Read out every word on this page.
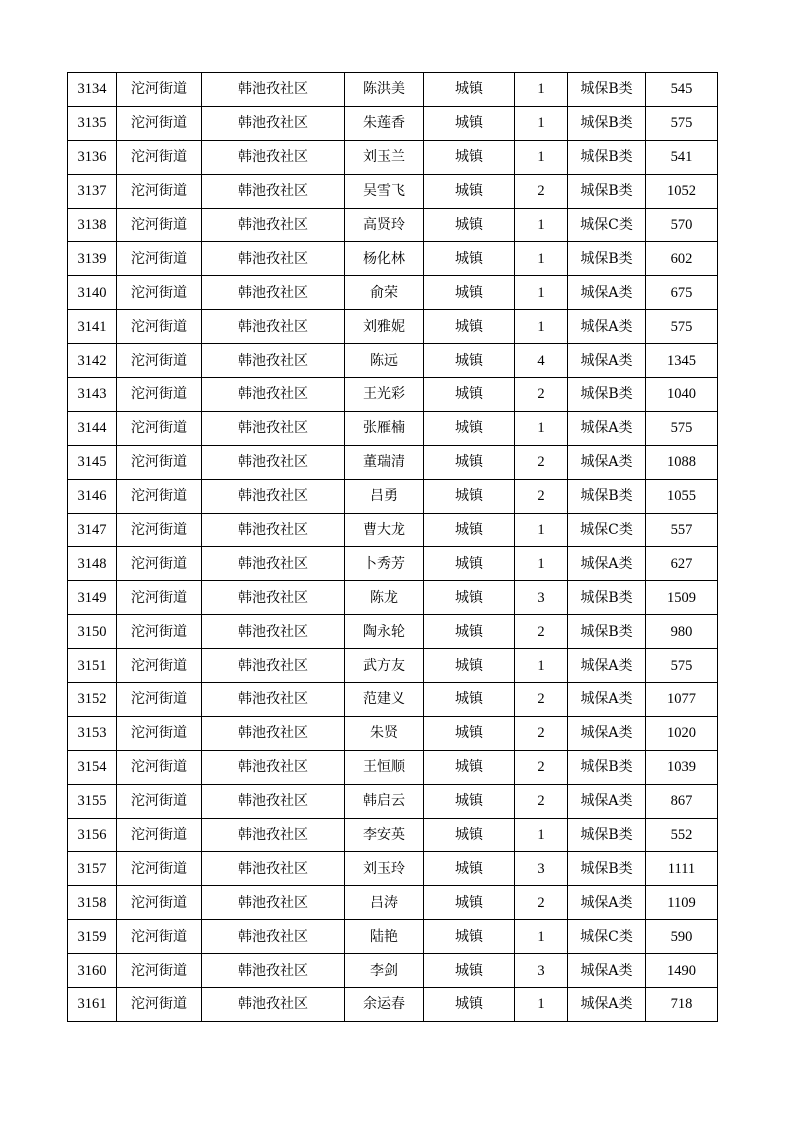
3134	沱河街道	韩池孜社区	陈洪美	城镇	1	城保B类	545
3135	沱河街道	韩池孜社区	朱莲香	城镇	1	城保B类	575
3136	沱河街道	韩池孜社区	刘玉兰	城镇	1	城保B类	541
3137	沱河街道	韩池孜社区	吴雪飞	城镇	2	城保B类	1052
3138	沱河街道	韩池孜社区	高贤玲	城镇	1	城保C类	570
3139	沱河街道	韩池孜社区	杨化林	城镇	1	城保B类	602
3140	沱河街道	韩池孜社区	俞荣	城镇	1	城保A类	675
3141	沱河街道	韩池孜社区	刘雅妮	城镇	1	城保A类	575
3142	沱河街道	韩池孜社区	陈远	城镇	4	城保A类	1345
3143	沱河街道	韩池孜社区	王光彩	城镇	2	城保B类	1040
3144	沱河街道	韩池孜社区	张雁楠	城镇	1	城保A类	575
3145	沱河街道	韩池孜社区	董瑞清	城镇	2	城保A类	1088
3146	沱河街道	韩池孜社区	吕勇	城镇	2	城保B类	1055
3147	沱河街道	韩池孜社区	曹大龙	城镇	1	城保C类	557
3148	沱河街道	韩池孜社区	卜秀芳	城镇	1	城保A类	627
3149	沱河街道	韩池孜社区	陈龙	城镇	3	城保B类	1509
3150	沱河街道	韩池孜社区	陶永轮	城镇	2	城保B类	980
3151	沱河街道	韩池孜社区	武方友	城镇	1	城保A类	575
3152	沱河街道	韩池孜社区	范建义	城镇	2	城保A类	1077
3153	沱河街道	韩池孜社区	朱贤	城镇	2	城保A类	1020
3154	沱河街道	韩池孜社区	王恒顺	城镇	2	城保B类	1039
3155	沱河街道	韩池孜社区	韩启云	城镇	2	城保A类	867
3156	沱河街道	韩池孜社区	李安英	城镇	1	城保B类	552
3157	沱河街道	韩池孜社区	刘玉玲	城镇	3	城保B类	1111
3158	沱河街道	韩池孜社区	吕涛	城镇	2	城保A类	1109
3159	沱河街道	韩池孜社区	陆艳	城镇	1	城保C类	590
3160	沱河街道	韩池孜社区	李剑	城镇	3	城保A类	1490
3161	沱河街道	韩池孜社区	余运春	城镇	1	城保A类	718
